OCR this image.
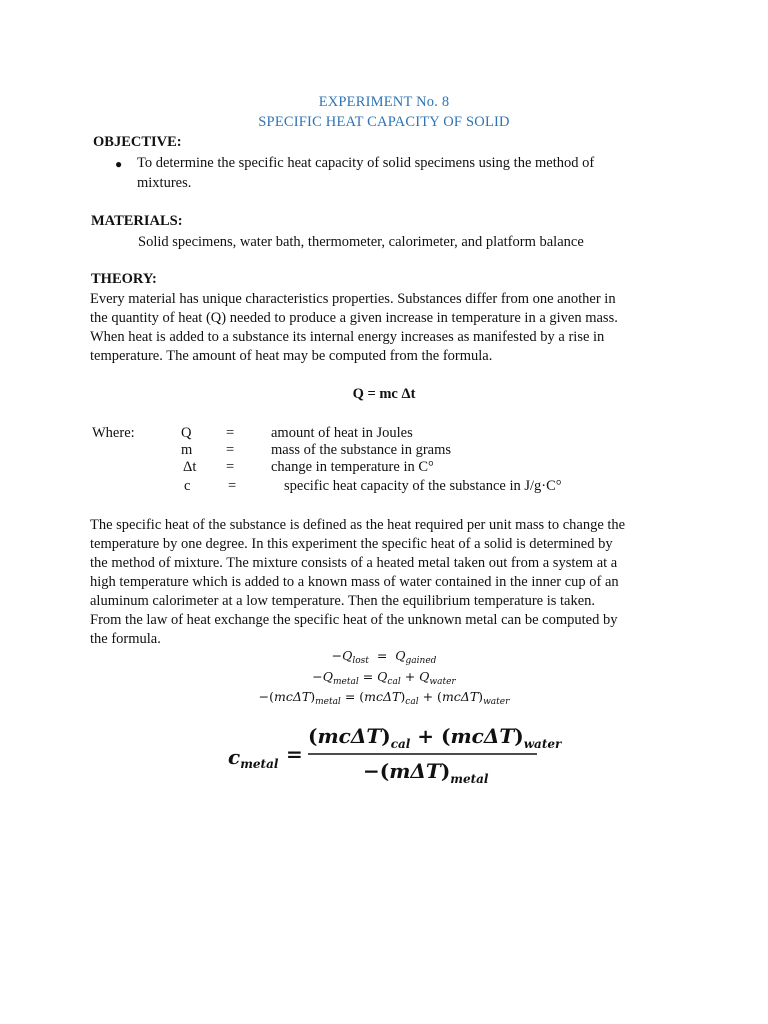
EXPERIMENT No. 8
SPECIFIC HEAT CAPACITY OF SOLID
OBJECTIVE:
● To determine the specific heat capacity of solid specimens using the method of
mixtures.
MATERIALS:
Solid specimens, water bath, thermometer, calorimeter, and platform balance
THEORY:
Every material has unique characteristics properties. Substances differ from one another in
the quantity of heat (Q) needed to produce a given increase in temperature in a given mass.
When heat is added to a substance its internal energy increases as manifested by a rise in
temperature. The amount of heat may be computed from the formula.
Q = mc Δt
Where:	Q =	amount of heat in Joules
m =	mass of the substance in grams
Δt =	change in temperature in C°
c	=	specific heat capacity of the substance in J/g·C°
The specific heat of the substance is defined as the heat required per unit mass to change the
temperature by one degree. In this experiment the specific heat of a solid is determined by
the method of mixture. The mixture consists of a heated metal taken out from a system at a
high temperature which is added to a known mass of water contained in the inner cup of an
aluminum calorimeter at a low temperature. Then the equilibrium temperature is taken.
From the law of heat exchange the specific heat of the unknown metal can be computed by
the formula.
$-Q_{lost} = Q_{gained}$
$-Q_{metal} = Q_{cal} + Q_{water}$
$-(mc\Delta T)_{metal} = (mc\Delta T)_{cal} + (mc\Delta T)_{water}$
$c_{metal}$ =
$(mc\Delta T)_{cal} + (mc\Delta T)_{water}$
$-(m\Delta T)_{metal}$
